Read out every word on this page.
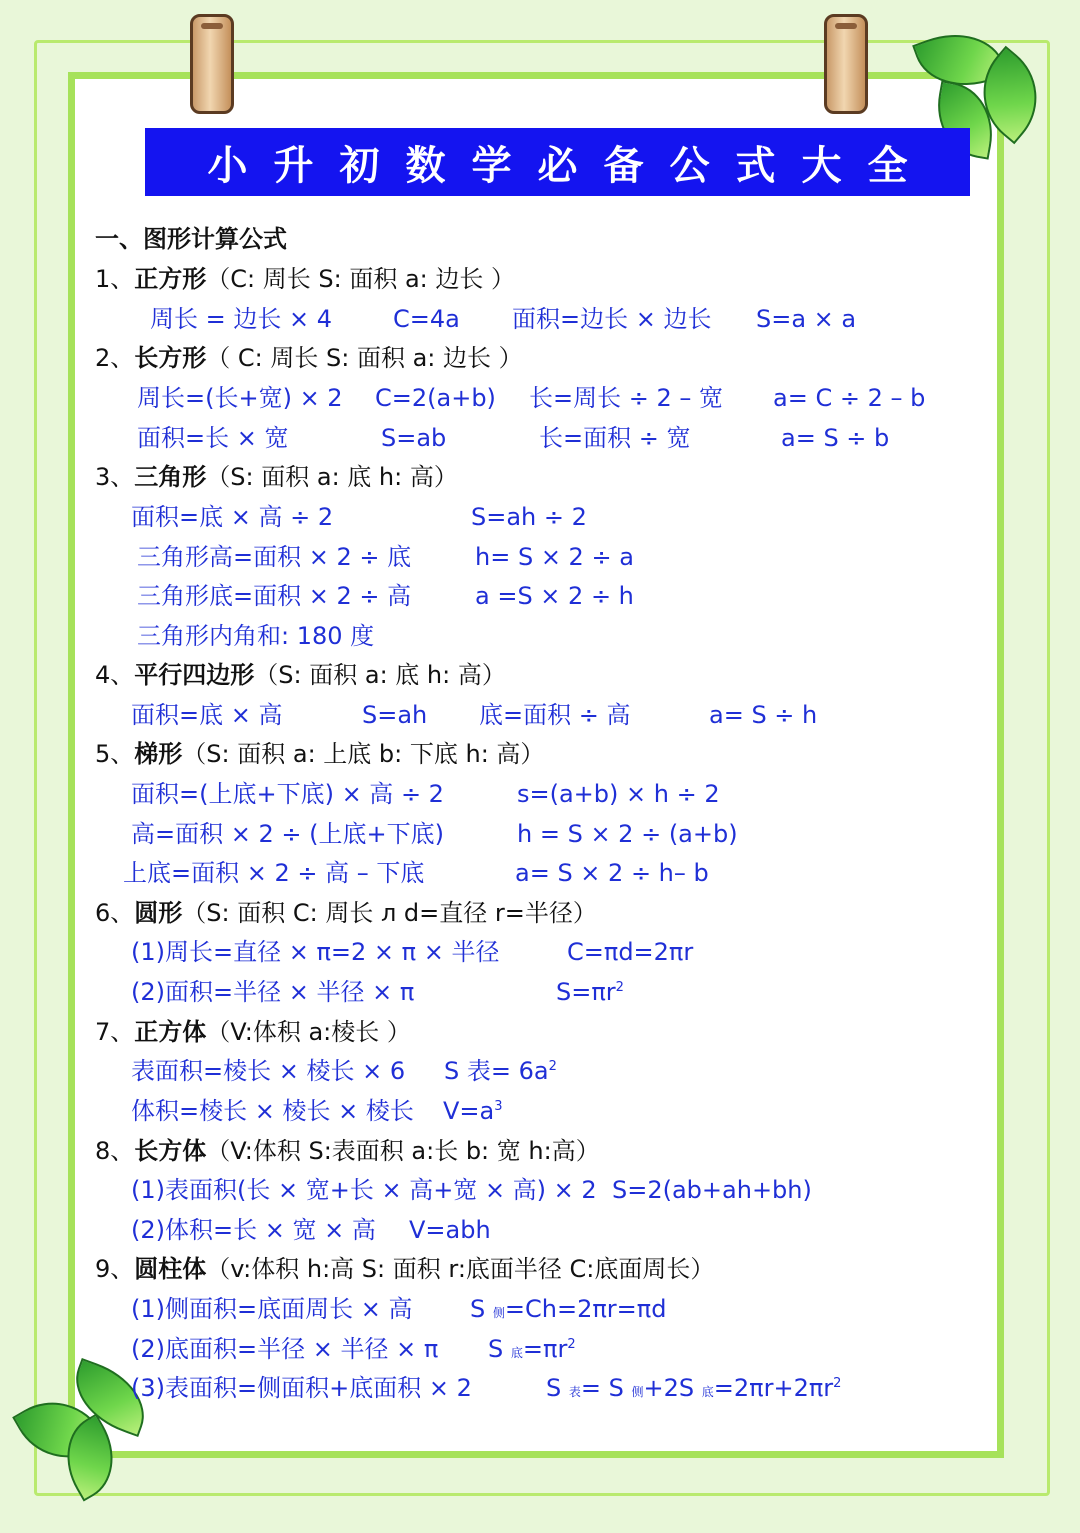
小升初数学必备公式大全
一、图形计算公式
1、正方形（C: 周长 S: 面积 a: 边长 ）
周长 = 边长 × 4	C=4a 面积=边长 × 边长 S=a × a
2、长方形（ C: 周长 S: 面积 a: 边长 ）
周长=(长+宽) × 2 C=2(a+b) 长=周长 ÷ 2 – 宽 a= C ÷ 2 – b
面积=长 × 宽	S=ab	长=面积 ÷ 宽	a= S ÷ b
3、三角形（S: 面积 a: 底 h: 高）
面积=底 × 高 ÷ 2	S=ah ÷ 2
三角形高=面积 × 2 ÷ 底	h= S × 2 ÷ a
三角形底=面积 × 2 ÷ 高	a =S × 2 ÷ h
三角形内角和: 180 度
4、平行四边形（S: 面积 a: 底 h: 高）
面积=底 × 高	S=ah 底=面积 ÷ 高	a= S ÷ h
5、梯形（S: 面积 a: 上底 b: 下底 h: 高）
面积=(上底+下底) × 高 ÷ 2	s=(a+b) × h ÷ 2
高=面积 × 2 ÷ (上底+下底)	h = S × 2 ÷ (a+b)
上底=面积 × 2 ÷ 高 – 下底	a= S × 2 ÷ h– b
6、圆形（S: 面积 C: 周长 л d=直径 r=半径）
(1)周长=直径 × π=2 × π × 半径	C=πd=2πr
(2)面积=半径 × 半径 × π	$S=\pi r^2$
7、正方体（V:体积 a:棱长 ）
表面积=棱长 × 棱长 × 6 S 表= $6a^2$
体积=棱长 × 棱长 × 棱长 $V=a^3$
8、长方体（V:体积 S:表面积 a:长 b: 宽 h:高）
(1)表面积(长 × 宽+长 × 高+宽 × 高) × 2 S=2(ab+ah+bh)
(2)体积=长 × 宽 × 高 V=abh
9、圆柱体（v:体积 h:高 S: 面积 r:底面半径 C:底面周长）
(1)侧面积=底面周长 × 高 S $_侧$=Ch=2πr=πd
(2)底面积=半径 × 半径 × π S $_底=\pi r^2$
(3)表面积=侧面积+底面积 × 2	S $_表$= S $_侧$+2S $_底=2\pi r+2\pi r^2$
